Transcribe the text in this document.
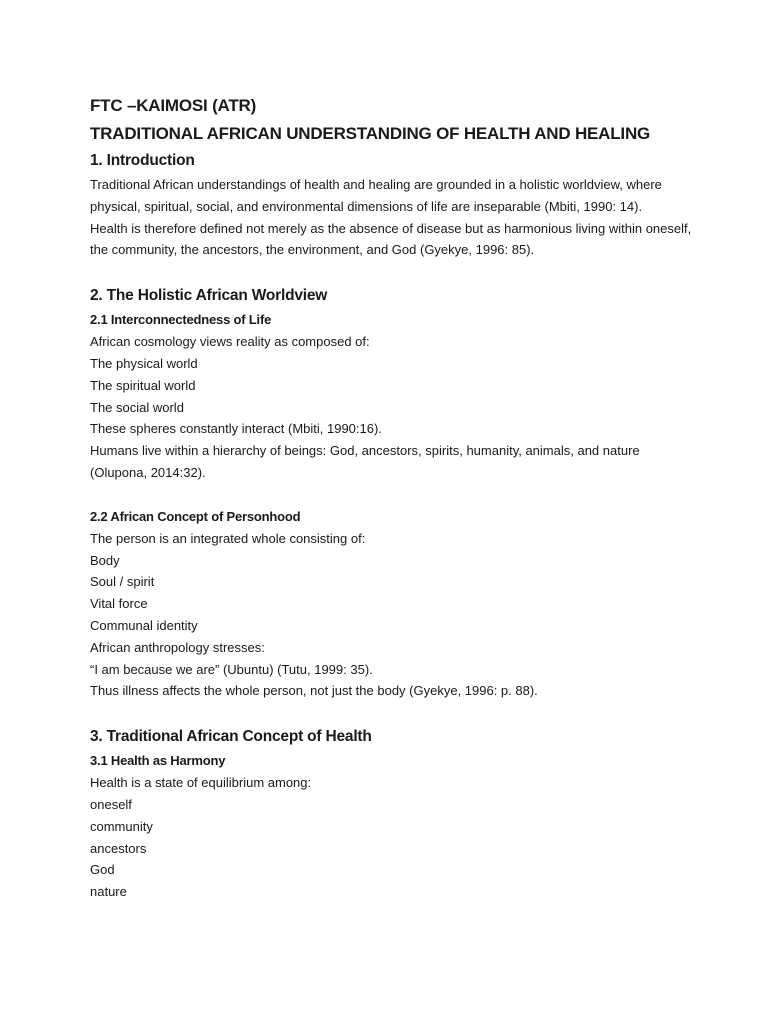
FTC –KAIMOSI (ATR)
TRADITIONAL AFRICAN UNDERSTANDING OF HEALTH AND HEALING
1. Introduction

Traditional African understandings of health and healing are grounded in a holistic worldview, where physical, spiritual, social, and environmental dimensions of life are inseparable (Mbiti, 1990: 14).

Health is therefore defined not merely as the absence of disease but as harmonious living within oneself, the community, the ancestors, the environment, and God (Gyekye, 1996: 85).

2. The Holistic African Worldview
2.1 Interconnectedness of Life

African cosmology views reality as composed of:

The physical world

The spiritual world

The social world

These spheres constantly interact (Mbiti, 1990:16).

Humans live within a hierarchy of beings: God, ancestors, spirits, humanity, animals, and nature (Olupona, 2014:32).

2.2 African Concept of Personhood

The person is an integrated whole consisting of:

Body

Soul / spirit

Vital force

Communal identity

African anthropology stresses:

“I am because we are” (Ubuntu) (Tutu, 1999: 35).

Thus illness affects the whole person, not just the body (Gyekye, 1996: p. 88).

3. Traditional African Concept of Health
3.1 Health as Harmony

Health is a state of equilibrium among:

oneself

community

ancestors

God

nature
